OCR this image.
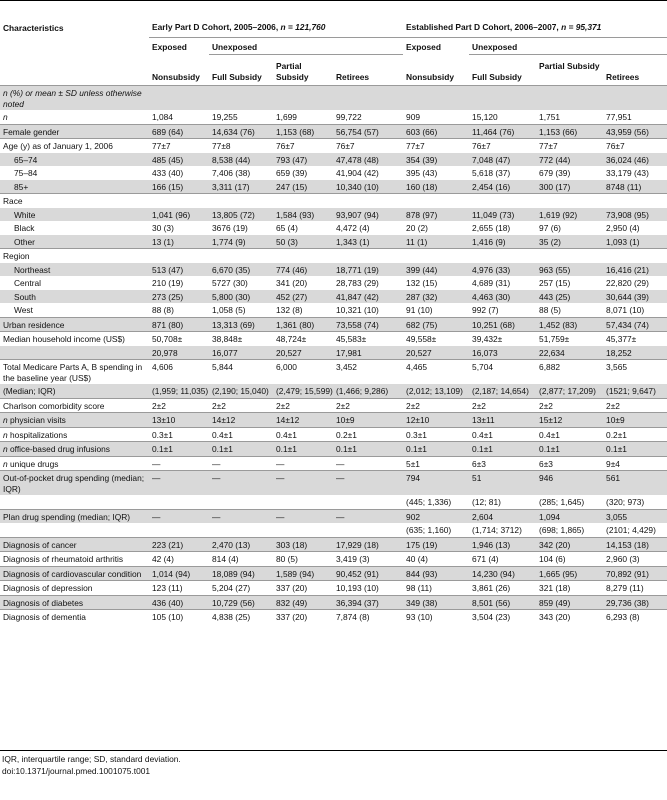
Characteristics	Early Part D Cohort, 2005–2006, n = 121,760				Established Part D Cohort, 2006–2007, n = 95,371			
	Exposed	Unexposed			Exposed	Unexposed		
	Nonsubsidy	Full Subsidy	Partial Subsidy	Retirees	Nonsubsidy	Full Subsidy	Partial Subsidy	Retirees
n (%) or mean ± SD unless otherwise noted								
n	1,084	19,255	1,699	99,722	909	15,120	1,751	77,951
Female gender	689 (64)	14,634 (76)	1,153 (68)	56,754 (57)	603 (66)	11,464 (76)	1,153 (66)	43,959 (56)
Age (y) as of January 1, 2006	77±7	77±8	76±7	76±7	77±7	76±7	77±7	76±7
65–74	485 (45)	8,538 (44)	793 (47)	47,478 (48)	354 (39)	7,048 (47)	772 (44)	36,024 (46)
75–84	433 (40)	7,406 (38)	659 (39)	41,904 (42)	395 (43)	5,618 (37)	679 (39)	33,179 (43)
85+	166 (15)	3,311 (17)	247 (15)	10,340 (10)	160 (18)	2,454 (16)	300 (17)	8748 (11)
Race								
White	1,041 (96)	13,805 (72)	1,584 (93)	93,907 (94)	878 (97)	11,049 (73)	1,619 (92)	73,908 (95)
Black	30 (3)	3676 (19)	65 (4)	4,472 (4)	20 (2)	2,655 (18)	97 (6)	2,950 (4)
Other	13 (1)	1,774 (9)	50 (3)	1,343 (1)	11 (1)	1,416 (9)	35 (2)	1,093 (1)
Region								
Northeast	513 (47)	6,670 (35)	774 (46)	18,771 (19)	399 (44)	4,976 (33)	963 (55)	16,416 (21)
Central	210 (19)	5727 (30)	341 (20)	28,783 (29)	132 (15)	4,689 (31)	257 (15)	22,820 (29)
South	273 (25)	5,800 (30)	452 (27)	41,847 (42)	287 (32)	4,463 (30)	443 (25)	30,644 (39)
West	88 (8)	1,058 (5)	132 (8)	10,321 (10)	91 (10)	992 (7)	88 (5)	8,071 (10)
Urban residence	871 (80)	13,313 (69)	1,361 (80)	73,558 (74)	682 (75)	10,251 (68)	1,452 (83)	57,434 (74)
Median household income (US$)	50,708±	38,848±	48,724±	45,583±	49,558±	39,432±	51,759±	45,377±
	20,978	16,077	20,527	17,981	20,527	16,073	22,634	18,252
Total Medicare Parts A, B spending in the baseline year (US$)	4,606	5,844	6,000	3,452	4,465	5,704	6,882	3,565
(Median; IQR)	(1,959; 11,035)	(2,190; 15,040)	(2,479; 15,599)	(1,466; 9,286)	(2,012; 13,109)	(2,187; 14,654)	(2,877; 17,209)	(1521; 9,647)
Charlson comorbidity score	2±2	2±2	2±2	2±2	2±2	2±2	2±2	2±2
n physician visits	13±10	14±12	14±12	10±9	12±10	13±11	15±12	10±9
n hospitalizations	0.3±1	0.4±1	0.4±1	0.2±1	0.3±1	0.4±1	0.4±1	0.2±1
n office-based drug infusions	0.1±1	0.1±1	0.1±1	0.1±1	0.1±1	0.1±1	0.1±1	0.1±1
n unique drugs	—	—	—	—	5±1	6±3	6±3	9±4
Out-of-pocket drug spending (median; IQR)	—	—	—	—	794	51	946	561
					(445; 1,336)	(12; 81)	(285; 1,645)	(320; 973)
Plan drug spending (median; IQR)	—	—	—	—	902	2,604	1,094	3,055
					(635; 1,160)	(1,714; 3712)	(698; 1,865)	(2101; 4,429)
Diagnosis of cancer	223 (21)	2,470 (13)	303 (18)	17,929 (18)	175 (19)	1,946 (13)	342 (20)	14,153 (18)
Diagnosis of rheumatoid arthritis	42 (4)	814 (4)	80 (5)	3,419 (3)	40 (4)	671 (4)	104 (6)	2,960 (3)
Diagnosis of cardiovascular condition	1,014 (94)	18,089 (94)	1,589 (94)	90,452 (91)	844 (93)	14,230 (94)	1,665 (95)	70,892 (91)
Diagnosis of depression	123 (11)	5,204 (27)	337 (20)	10,193 (10)	98 (11)	3,861 (26)	321 (18)	8,279 (11)
Diagnosis of diabetes	436 (40)	10,729 (56)	832 (49)	36,394 (37)	349 (38)	8,501 (56)	859 (49)	29,736 (38)
Diagnosis of dementia	105 (10)	4,838 (25)	337 (20)	7,874 (8)	93 (10)	3,504 (23)	343 (20)	6,293 (8)
IQR, interquartile range; SD, standard deviation.
doi:10.1371/journal.pmed.1001075.t001
